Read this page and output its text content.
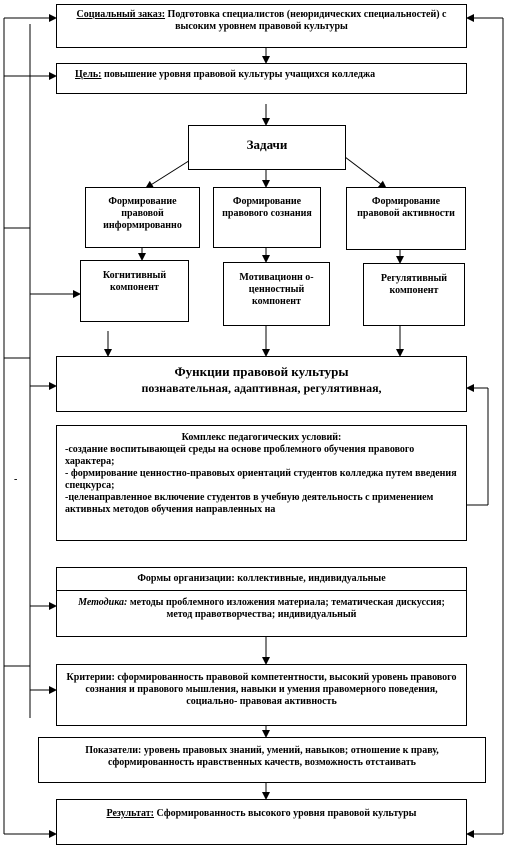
Социальный заказ: Подготовка специалистов (неюридических специальностей) с высоким уровнем правовой культуры
Цель: повышение уровня правовой культуры учащихся колледжа
Задачи
Формирование правовой информированно
Формирование правового сознания
Формирование правовой активности
Когнитивный компонент
Мотивационн о-ценностный компонент
Регулятивный компонент
Функции правовой культуры
познавательная, адаптивная, регулятивная,
Комплекс педагогических условий:
-создание воспитывающей среды на основе проблемного обучения правового характера;
- формирование ценностно-правовых ориентаций студентов колледжа путем введения спецкурса;
-целенаправленное включение студентов в учебную деятельность с применением активных методов обучения направленных на
Формы организации: коллективные, индивидуальные
Методика: методы проблемного изложения материала; тематическая дискуссия; метод правотворчества; индивидуальный
Критерии: сформированность правовой компетентности, высокий уровень правового сознания и правового мышления, навыки и умения правомерного поведения, социально- правовая активность
Показатели: уровень правовых знаний, умений, навыков; отношение к праву, сформированность нравственных качеств, возможность отстаивать
Результат: Сформированность высокого уровня правовой культуры
-
